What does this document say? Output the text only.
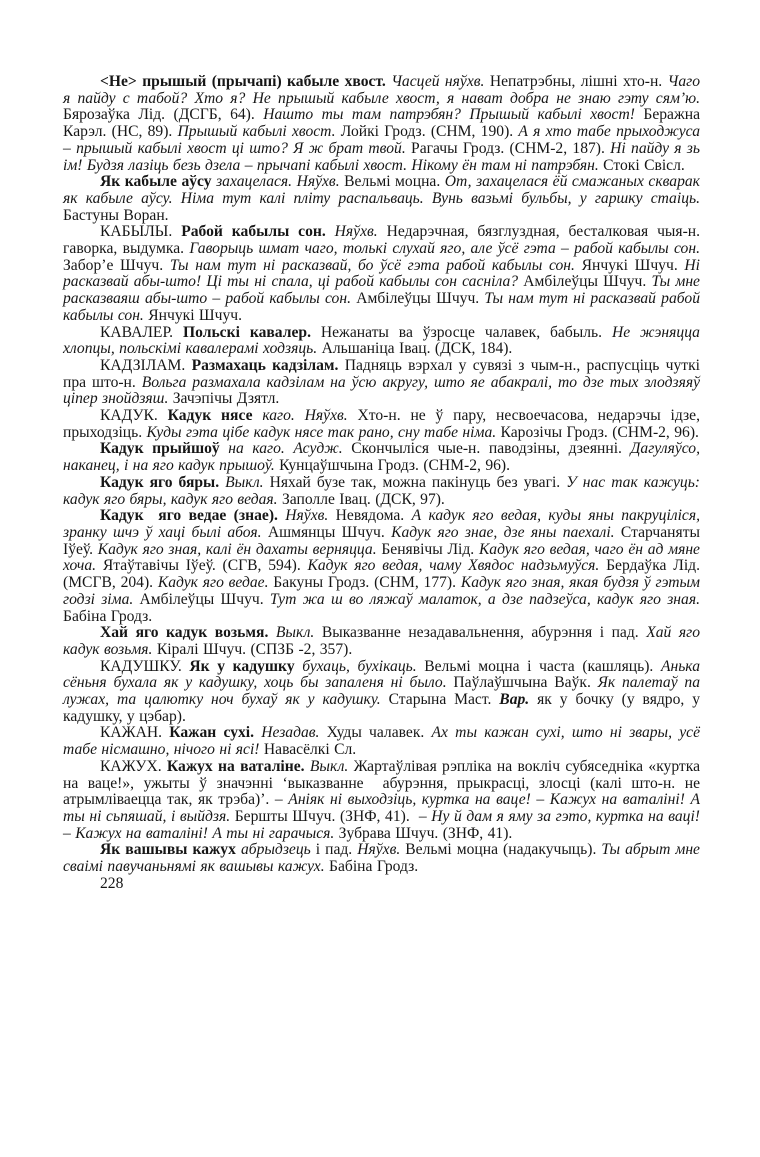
<Не> прышый (прычапі) кабыле хвост. Часцей няўхв. Непатрэбны, лішні хто-н. Чаго я пайду с табой? Хто я? Не прышый кабыле хвост, я нават добра не знаю гэту сям’ю. Бярозаўка Лід. (ДСГБ, 64). Нашто ты там патрэбян? Прышый кабылі хвост! Беражна Карэл. (НС, 89). Прышый кабылі хвост. Лойкі Гродз. (СНМ, 190). А я хто табе прыходжуса – прышый кабылі хвост ці што? Я ж брат твой. Рагачы Гродз. (СНМ-2, 187). Ні пайду я зь ім! Будзя лазіць безь дзела – прычапі кабылі хвост. Нікому ён там ні патрэбян. Стокі Свісл.

Як кабыле аўсу захацелася. Няўхв. Вельмі моцна. От, захацелася ёй смажаных скварак як кабыле аўсу. Німа тут калі пліту распальваць. Вунь вазьмі бульбы, у гаршку стаіць. Бастуны Воран.

КАБЫЛЫ. Рабой кабылы сон. Няўхв. Недарэчная, бязглуздная, бесталковая чыя-н. гаворка, выдумка. Гаворыць шмат чаго, толькі слухай яго, але ўсё гэта – рабой кабылы сон. Забор’е Шчуч. Ты нам тут ні расказвай, бо ўсё гэта рабой кабылы сон. Янчукі Шчуч. Ні расказвай абы-што! Ці ты ні спала, ці рабой кабылы сон сасніла? Амбілеўцы Шчуч. Ты мне расказваяш абы-што – рабой кабылы сон. Амбілеўцы Шчуч. Ты нам тут ні расказвай рабой кабылы сон. Янчукі Шчуч.

КАВАЛЕР. Польскі кавалер. Нежанаты ва ўзросце чалавек, бабыль. Не жэняцца хлопцы, польскімі кавалерамі ходзяць. Альшаніца Івац. (ДСК, 184).

КАДЗІЛАМ. Размахаць кадзілам. Падняць вэрхал у сувязі з чым-н., распусціць чуткі пра што-н. Вольга размахала кадзілам на ўсю акругу, што яе абакралі, то дзе тых злодзяяў ціпер знойдзяш. Зачэпічы Дзятл.

КАДУК. Кадук нясе каго. Няўхв. Хто-н. не ў пару, несвоечасова, недарэчы ідзе, прыходзіць. Куды гэта цібе кадук нясе так рано, сну табе німа. Карозічы Гродз. (СНМ-2, 96).

Кадук прыйшоў на каго. Асудж. Скончыліся чые-н. паводзіны, дзеянні. Дагуляўсо, наканец, і на яго кадук прышоў. Кунцаўшчына Гродз. (СНМ-2, 96).

Кадук яго бяры. Выкл. Няхай бузе так, можна пакінуць без увагі. У нас так кажуць: кадук яго бяры, кадук яго ведая. Заполле Івац. (ДСК, 97).

Кадук  яго ведае (знае). Няўхв. Невядома. А кадук яго ведая, куды яны пакруціліся, зранку шчэ ў хаці былі абоя. Ашмянцы Шчуч. Кадук яго знае, дзе яны паехалі. Старчаняты Іўеў. Кадук яго зная, калі ён дахаты верняцца. Бенявічы Лід. Кадук яго ведая, чаго ён ад мяне хоча. Ятаўтавічы Іўеў. (СГВ, 594). Кадук яго ведая, чаму Хвядос надзьмуўся. Бердаўка Лід. (МСГВ, 204). Кадук яго ведае. Бакуны Гродз. (СНМ, 177). Кадук яго зная, якая будзя ў гэтым годзі зіма. Амбілеўцы Шчуч. Тут жа ш во ляжаў малаток, а дзе падзеўса, кадук яго зная. Бабіна Гродз.

Хай яго кадук возьмя. Выкл. Выказванне незадавальнення, абурэння і пад. Хай яго кадук возьмя. Кіралі Шчуч. (СПЗБ -2, 357).

КАДУШКУ. Як у кадушку бухаць, бухікаць. Вельмі моцна і часта (кашляць). Анька сёньня бухала як у кадушку, хоць бы запаленя ні было. Паўлаўшчына Ваўк. Як палетаў па лужах, та цалютку ноч бухаў як у кадушку. Старына Маст. Вар. як у бочку (у вядро, у кадушку, у цэбар).

КАЖАН. Кажан сухі. Незадав. Худы чалавек. Ах ты кажан сухі, што ні звары, усё табе нісмашно, нічого ні ясі! Навасёлкі Сл.

КАЖУХ. Кажух на ваталіне. Выкл. Жартаўлівая рэпліка на вокліч субяседніка «куртка на ваце!», ужыты ў значэнні ‘выказванне  абурэння, прыкрасці, злосці (калі што-н. не атрымліваецца так, як трэба)’. – Аніяк ні выходзіць, куртка на ваце! – Кажух на ваталіні! А ты ні сьпяшай, і выйдзя. Бершты Шчуч. (ЗНФ, 41).  – Ну й дам я яму за гэто, куртка на ваці! – Кажух на ваталіні! А ты ні гарачыся. Зубрава Шчуч. (ЗНФ, 41).

Як вашывы кажух абрыдзець і пад. Няўхв. Вельмі моцна (надакучыць). Ты абрыт мне сваімі павучаньнямі як вашывы кажух. Бабіна Гродз.

228
